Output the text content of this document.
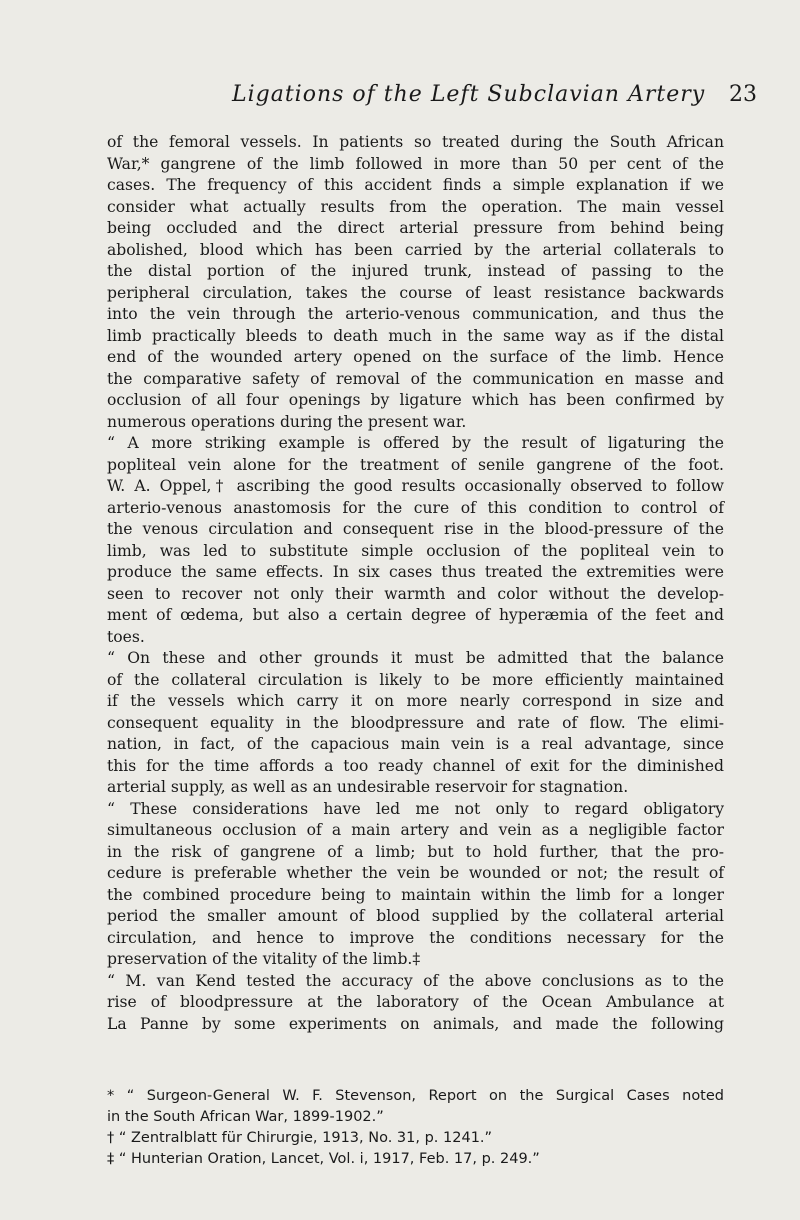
Ligations of the Left Subclavian Artery 23
of the femoral vessels. In patients so treated during the South African
War,* gangrene of the limb followed in more than 50 per cent of the
cases. The frequency of this accident finds a simple explanation if we
consider what actually results from the operation. The main vessel
being occluded and the direct arterial pressure from behind being
abolished, blood which has been carried by the arterial collaterals to
the distal portion of the injured trunk, instead of passing to the
peripheral circulation, takes the course of least resistance backwards
into the vein through the arterio-venous communication, and thus the
limb practically bleeds to death much in the same way as if the distal
end of the wounded artery opened on the surface of the limb. Hence
the comparative safety of removal of the communication en masse and
occlusion of all four openings by ligature which has been confirmed by
numerous operations during the present war.
“ A more striking example is offered by the result of ligaturing the
popliteal vein alone for the treatment of senile gangrene of the foot.
W. A. Oppel,† ascribing the good results occasionally observed to follow
arterio-venous anastomosis for the cure of this condition to control of
the venous circulation and consequent rise in the blood-pressure of the
limb, was led to substitute simple occlusion of the popliteal vein to
produce the same effects. In six cases thus treated the extremities were
seen to recover not only their warmth and color without the develop-
ment of œdema, but also a certain degree of hyperæmia of the feet and
toes.
“ On these and other grounds it must be admitted that the balance
of the collateral circulation is likely to be more efficiently maintained
if the vessels which carry it on more nearly correspond in size and
consequent equality in the bloodpressure and rate of flow. The elimi-
nation, in fact, of the capacious main vein is a real advantage, since
this for the time affords a too ready channel of exit for the diminished
arterial supply, as well as an undesirable reservoir for stagnation.
“ These considerations have led me not only to regard obligatory
simultaneous occlusion of a main artery and vein as a negligible factor
in the risk of gangrene of a limb; but to hold further, that the pro-
cedure is preferable whether the vein be wounded or not; the result of
the combined procedure being to maintain within the limb for a longer
period the smaller amount of blood supplied by the collateral arterial
circulation, and hence to improve the conditions necessary for the
preservation of the vitality of the limb.‡
“ M. van Kend tested the accuracy of the above conclusions as to the
rise of bloodpressure at the laboratory of the Ocean Ambulance at
La Panne by some experiments on animals, and made the following
* “ Surgeon-General W. F. Stevenson, Report on the Surgical Cases noted
in the South African War, 1899-1902.”
† “ Zentralblatt für Chirurgie, 1913, No. 31, p. 1241.”
‡ “ Hunterian Oration, Lancet, Vol. i, 1917, Feb. 17, p. 249.”
